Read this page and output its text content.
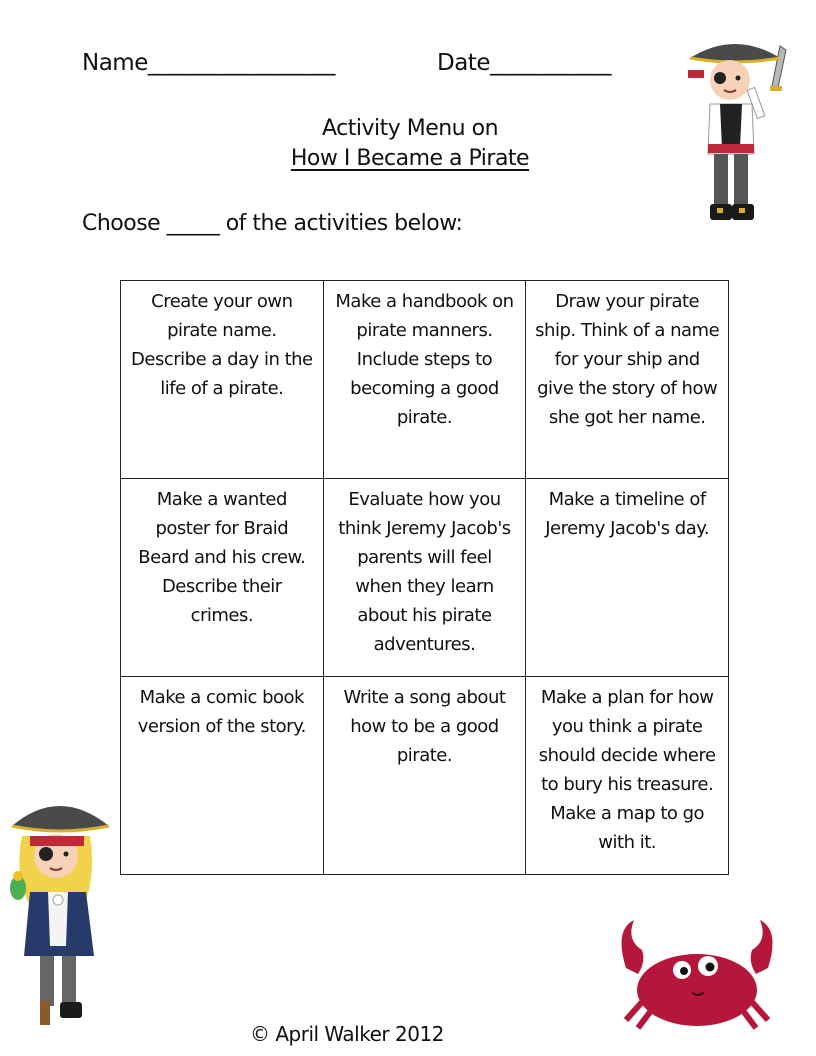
Name_________________	Date___________
Activity Menu on
How I Became a Pirate
Choose _____ of the activities below:
Create your own pirate name. Describe a day in the life of a pirate.	Make a handbook on pirate manners. Include steps to becoming a good pirate.	Draw your pirate ship. Think of a name for your ship and give the story of how she got her name.

Make a wanted poster for Braid Beard and his crew. Describe their crimes.	Evaluate how you think Jeremy Jacob's parents will feel when they learn about his pirate adventures.	Make a timeline of Jeremy Jacob's day.

Make a comic book version of the story.	Write a song about how to be a good pirate.	Make a plan for how you think a pirate should decide where to bury his treasure. Make a map to go with it.
© April Walker 2012
